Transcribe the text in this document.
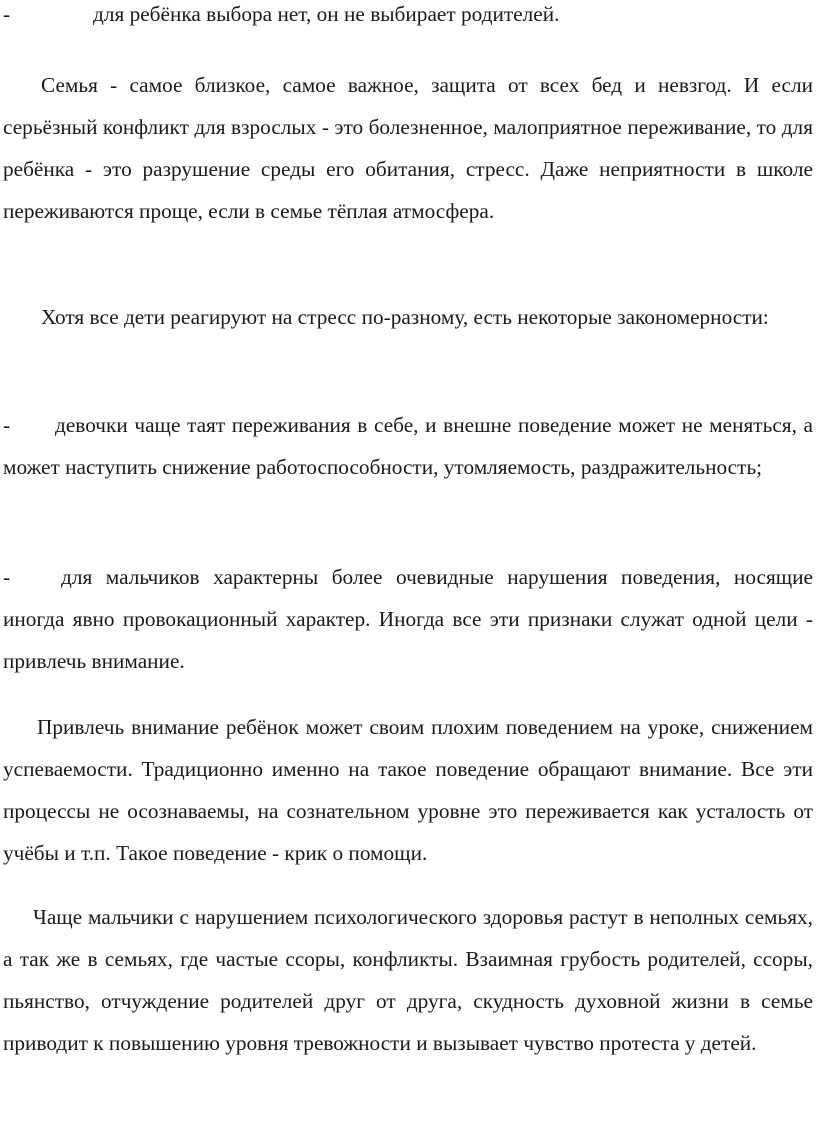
-	для ребёнка выбора нет, он не выбирает родителей.

Семья - самое близкое, самое важное, защита от всех бед и невзгод. И если серьёзный конфликт для взрослых - это болезненное, малоприятное переживание, то для ребёнка - это разрушение среды его обитания, стресс. Даже неприятности в школе переживаются проще, если в семье тёплая атмосфера.

Хотя все дети реагируют на стресс по-разному, есть некоторые закономерности:

- девочки чаще таят переживания в себе, и внешне поведение может не меняться, а может наступить снижение работоспособности, утомляемость, раздражительность;

- для мальчиков характерны более очевидные нарушения поведения, носящие иногда явно провокационный характер. Иногда все эти признаки служат одной цели - привлечь внимание.

Привлечь внимание ребёнок может своим плохим поведением на уроке, снижением успеваемости. Традиционно именно на такое поведение обращают внимание. Все эти процессы не осознаваемы, на сознательном уровне это переживается как усталость от учёбы и т.п. Такое поведение - крик о помощи.

Чаще мальчики с нарушением психологического здоровья растут в неполных семьях, а так же в семьях, где частые ссоры, конфликты. Взаимная грубость родителей, ссоры, пьянство, отчуждение родителей друг от друга, скудность духовной жизни в семье приводит к повышению уровня тревожности и вызывает чувство протеста у детей.
